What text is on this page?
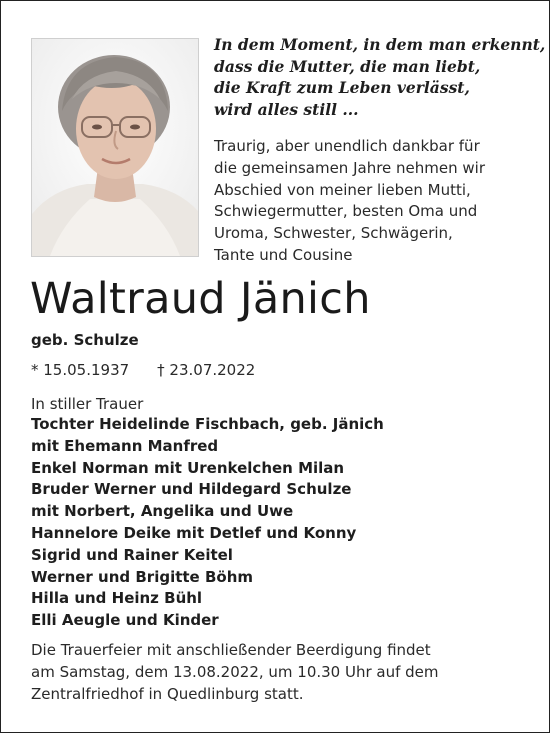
In dem Moment, in dem man erkennt,
dass die Mutter, die man liebt,
die Kraft zum Leben verlässt,
wird alles still ...
Traurig, aber unendlich dankbar für
die gemeinsamen Jahre nehmen wir
Abschied von meiner lieben Mutti,
Schwiegermutter, besten Oma und
Uroma, Schwester, Schwägerin,
Tante und Cousine
Waltraud Jänich
geb. Schulze
* 15.05.1937 † 23.07.2022
In stiller Trauer
Tochter Heidelinde Fischbach, geb. Jänich
mit Ehemann Manfred
Enkel Norman mit Urenkelchen Milan
Bruder Werner und Hildegard Schulze
mit Norbert, Angelika und Uwe
Hannelore Deike mit Detlef und Konny
Sigrid und Rainer Keitel
Werner und Brigitte Böhm
Hilla und Heinz Bühl
Elli Aeugle und Kinder
Die Trauerfeier mit anschließender Beerdigung findet
am Samstag, dem 13.08.2022, um 10.30 Uhr auf dem
Zentralfriedhof in Quedlinburg statt.
